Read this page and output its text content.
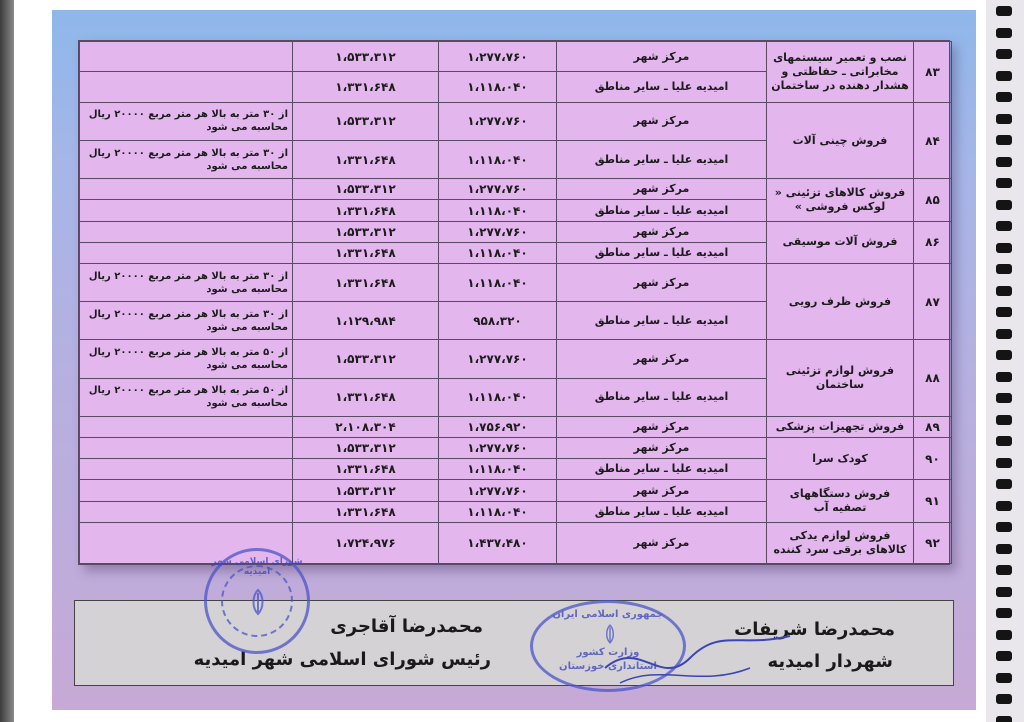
۸۳	نصب و تعمیر سیستمهای مخابراتی ـ حفاظتی و هشدار دهنده در ساختمان	مرکز شهر	۱،۲۷۷،۷۶۰	۱،۵۳۳،۳۱۲	
		امیدیه علیا ـ سایر مناطق	۱،۱۱۸،۰۴۰	۱،۳۳۱،۶۴۸	
۸۴	فروش چینی آلات	مرکز شهر	۱،۲۷۷،۷۶۰	۱،۵۳۳،۳۱۲	از ۳۰ متر به بالا هر متر مربع ۲۰۰۰۰ ریال محاسبه می شود
		امیدیه علیا ـ سایر مناطق	۱،۱۱۸،۰۴۰	۱،۳۳۱،۶۴۸	از ۳۰ متر به بالا هر متر مربع ۲۰۰۰۰ ریال محاسبه می شود
۸۵	فروش کالاهای تزئینی « لوکس فروشی »	مرکز شهر	۱،۲۷۷،۷۶۰	۱،۵۳۳،۳۱۲	
		امیدیه علیا ـ سایر مناطق	۱،۱۱۸،۰۴۰	۱،۳۳۱،۶۴۸	
۸۶	فروش آلات موسیقی	مرکز شهر	۱،۲۷۷،۷۶۰	۱،۵۳۳،۳۱۲	
		امیدیه علیا ـ سایر مناطق	۱،۱۱۸،۰۴۰	۱،۳۳۱،۶۴۸	
۸۷	فروش ظرف رویی	مرکز شهر	۱،۱۱۸،۰۴۰	۱،۳۳۱،۶۴۸	از ۳۰ متر به بالا هر متر مربع ۲۰۰۰۰ ریال محاسبه می شود
		امیدیه علیا ـ سایر مناطق	۹۵۸،۳۲۰	۱،۱۲۹،۹۸۴	از ۳۰ متر به بالا هر متر مربع ۲۰۰۰۰ ریال محاسبه می شود
۸۸	فروش لوازم تزئینی ساختمان	مرکز شهر	۱،۲۷۷،۷۶۰	۱،۵۳۳،۳۱۲	از ۵۰ متر به بالا هر متر مربع ۲۰۰۰۰ ریال محاسبه می شود
		امیدیه علیا ـ سایر مناطق	۱،۱۱۸،۰۴۰	۱،۳۳۱،۶۴۸	از ۵۰ متر به بالا هر متر مربع ۲۰۰۰۰ ریال محاسبه می شود
۸۹	فروش تجهیزات پزشکی	مرکز شهر	۱،۷۵۶،۹۲۰	۲،۱۰۸،۳۰۴	
۹۰	کودک سرا	مرکز شهر	۱،۲۷۷،۷۶۰	۱،۵۳۳،۳۱۲	
		امیدیه علیا ـ سایر مناطق	۱،۱۱۸،۰۴۰	۱،۳۳۱،۶۴۸	
۹۱	فروش دستگاههای تصفیه آب	مرکز شهر	۱،۲۷۷،۷۶۰	۱،۵۳۳،۳۱۲	
		امیدیه علیا ـ سایر مناطق	۱،۱۱۸،۰۴۰	۱،۳۳۱،۶۴۸	
۹۲	فروش لوازم یدکی کالاهای برقی سرد کننده	مرکز شهر	۱،۴۳۷،۴۸۰	۱،۷۲۴،۹۷۶	
محمدرضا شریفات
شهردار امیدیه
محمدرضا آقاجری
رئیس شورای اسلامی شهر امیدیه
شورای اسلامی شهر امیدیه
جمهوری اسلامی ایران
وزارت کشور
استانداری خوزستان
